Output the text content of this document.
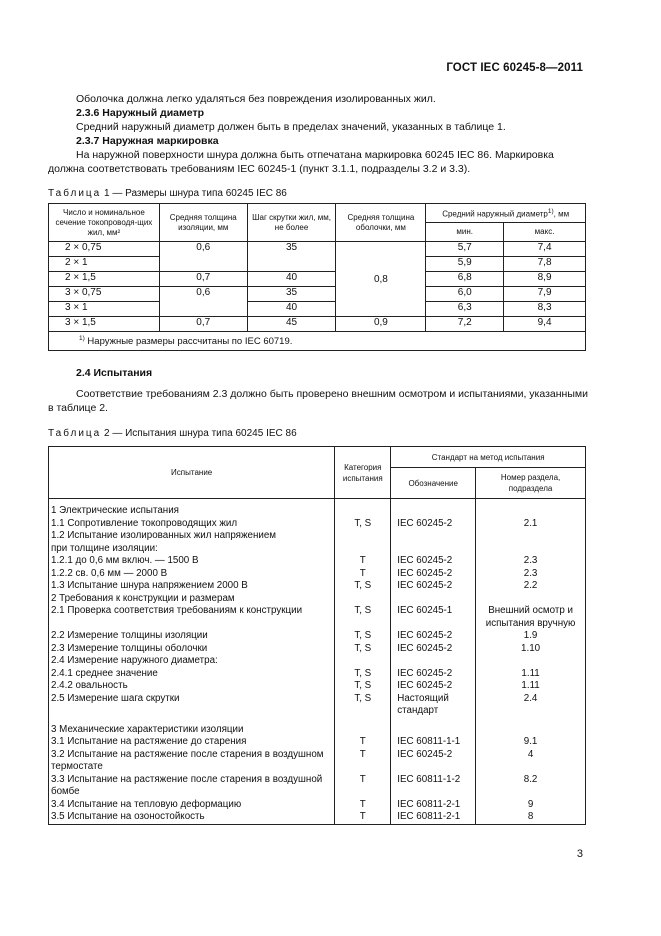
ГОСТ IEC 60245-8—2011
Оболочка должна легко удаляться без повреждения изолированных жил.
2.3.6 Наружный диаметр
Средний наружный диаметр должен быть в пределах значений, указанных в таблице 1.
2.3.7 Наружная маркировка
На наружной поверхности шнура должна быть отпечатана маркировка 60245 IEC 86. Маркировка должна соответствовать требованиям IEC 60245-1 (пункт 3.1.1, подразделы 3.2 и 3.3).
Таблица 1 — Размеры шнура типа 60245 IEC 86
Число и номинальное сечение токопроводя-щих жил, мм²	Средняя толщина изоляции, мм	Шаг скрутки жил, мм, не более	Средняя толщина оболочки, мм	Средний наружный диаметр$^{1)}$, мм	
				мин.	макс.
2 × 0,75	0,6	35	0,8	5,7	7,4
2 × 1				5,9	7,8
2 × 1,5	0,7	40		6,8	8,9
3 × 0,75	0,6	35		6,0	7,9
3 × 1		40		6,3	8,3
3 × 1,5	0,7	45	0,9	7,2	9,4
$^{1)}$ Наружные размеры рассчитаны по IEC 60719.					
2.4 Испытания
Соответствие требованиям 2.3 должно быть проверено внешним осмотром и испытаниями, указанными в таблице 2.
Таблица 2 — Испытания шнура типа 60245 IEC 86
Испытание	Категория испытания	Стандарт на метод испытания	
		Обозначение	Номер раздела, подраздела
1 Электрические испытания			
1.1 Сопротивление токопроводящих жил	T, S	IEC 60245-2	2.1
1.2 Испытание изолированных жил напряжением			
при толщине изоляции:			
1.2.1 до 0,6 мм включ. — 1500 В	T	IEC 60245-2	2.3
1.2.2 св. 0,6 мм — 2000 В	T	IEC 60245-2	2.3
1.3 Испытание шнура напряжением 2000 В	T, S	IEC 60245-2	2.2
2 Требования к конструкции и размерам			
2.1 Проверка соответствия требованиям к конструкции	T, S	IEC 60245-1	Внешний осмотр и испытания вручную
2.2 Измерение толщины изоляции	T, S	IEC 60245-2	1.9
2.3 Измерение толщины оболочки	T, S	IEC 60245-2	1.10
2.4 Измерение наружного диаметра:			
2.4.1 среднее значение	T, S	IEC 60245-2	1.11
2.4.2 овальность	T, S	IEC 60245-2	1.11
2.5 Измерение шага скрутки	T, S	Настоящий стандарт	2.4
3 Механические характеристики изоляции			
3.1 Испытание на растяжение до старения	T	IEC 60811-1-1	9.1
3.2 Испытание на растяжение после старения в воздушном термостате	T	IEC 60245-2	4
3.3 Испытание на растяжение после старения в воздушной бомбе	T	IEC 60811-1-2	8.2
3.4 Испытание на тепловую деформацию	T	IEC 60811-2-1	9
3.5 Испытание на озоностойкость	T	IEC 60811-2-1	8
3
